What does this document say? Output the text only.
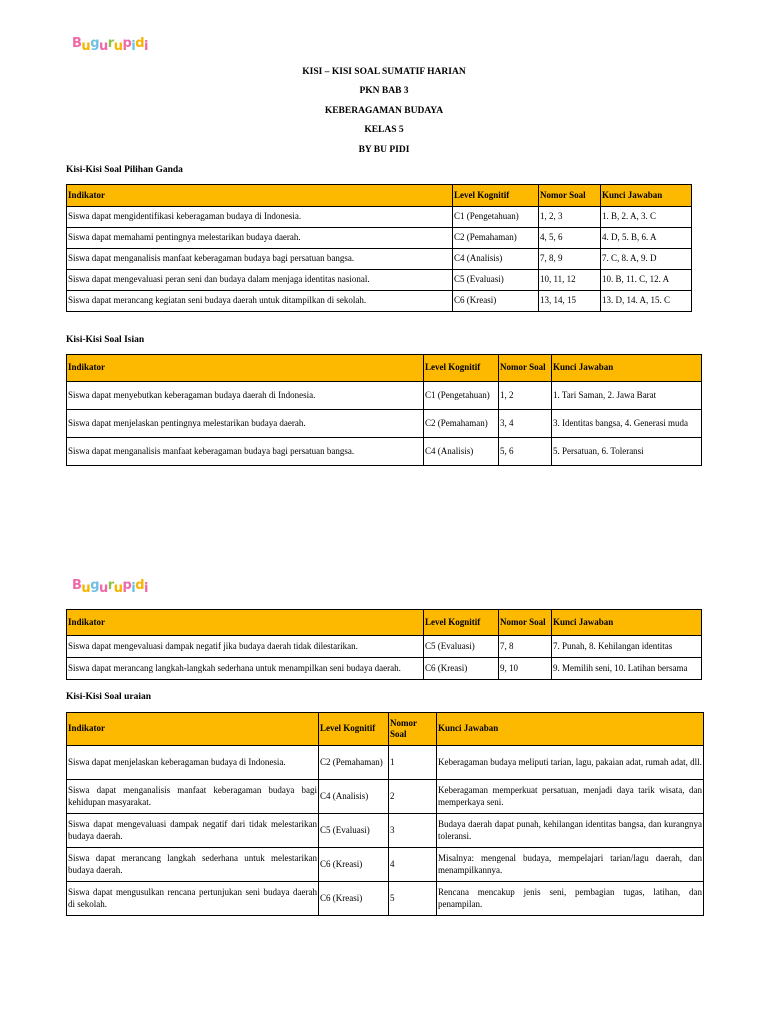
Bugurupidi
Bugurupidi
KISI – KISI SOAL SUMATIF HARIAN
PKN BAB 3
KEBERAGAMAN BUDAYA
KELAS 5
BY BU PIDI
Kisi-Kisi Soal Pilihan Ganda
Indikator	Level Kognitif	Nomor Soal	Kunci Jawaban
Siswa dapat mengidentifikasi keberagaman budaya di Indonesia.	C1 (Pengetahuan)	1, 2, 3	1. B, 2. A, 3. C
Siswa dapat memahami pentingnya melestarikan budaya daerah.	C2 (Pemahaman)	4, 5, 6	4. D, 5. B, 6. A
Siswa dapat menganalisis manfaat keberagaman budaya bagi persatuan bangsa.	C4 (Analisis)	7, 8, 9	7. C, 8. A, 9. D
Siswa dapat mengevaluasi peran seni dan budaya dalam menjaga identitas nasional.	C5 (Evaluasi)	10, 11, 12	10. B, 11. C, 12. A
Siswa dapat merancang kegiatan seni budaya daerah untuk ditampilkan di sekolah.	C6 (Kreasi)	13, 14, 15	13. D, 14. A, 15. C
Kisi-Kisi Soal Isian
Indikator	Level Kognitif	Nomor Soal	Kunci Jawaban
Siswa dapat menyebutkan keberagaman budaya daerah di Indonesia.	C1 (Pengetahuan)	1, 2	1. Tari Saman, 2. Jawa Barat
Siswa dapat menjelaskan pentingnya melestarikan budaya daerah.	C2 (Pemahaman)	3, 4	3. Identitas bangsa, 4. Generasi muda
Siswa dapat menganalisis manfaat keberagaman budaya bagi persatuan bangsa.	C4 (Analisis)	5, 6	5. Persatuan, 6. Toleransi
Indikator	Level Kognitif	Nomor Soal	Kunci Jawaban
Siswa dapat mengevaluasi dampak negatif jika budaya daerah tidak dilestarikan.	C5 (Evaluasi)	7, 8	7. Punah, 8. Kehilangan identitas
Siswa dapat merancang langkah-langkah sederhana untuk menampilkan seni budaya daerah.	C6 (Kreasi)	9, 10	9. Memilih seni, 10. Latihan bersama
Kisi-Kisi Soal uraian
Indikator	Level Kognitif	Nomor Soal	Kunci Jawaban
Siswa dapat menjelaskan keberagaman budaya di Indonesia.	C2 (Pemahaman)	1	Keberagaman budaya meliputi tarian, lagu, pakaian adat, rumah adat, dll.
Siswa dapat menganalisis manfaat keberagaman budaya bagi kehidupan masyarakat.	C4 (Analisis)	2	Keberagaman memperkuat persatuan, menjadi daya tarik wisata, dan memperkaya seni.
Siswa dapat mengevaluasi dampak negatif dari tidak melestarikan budaya daerah.	C5 (Evaluasi)	3	Budaya daerah dapat punah, kehilangan identitas bangsa, dan kurangnya toleransi.
Siswa dapat merancang langkah sederhana untuk melestarikan budaya daerah.	C6 (Kreasi)	4	Misalnya: mengenal budaya, mempelajari tarian/lagu daerah, dan menampilkannya.
Siswa dapat mengusulkan rencana pertunjukan seni budaya daerah di sekolah.	C6 (Kreasi)	5	Rencana mencakup jenis seni, pembagian tugas, latihan, dan penampilan.
